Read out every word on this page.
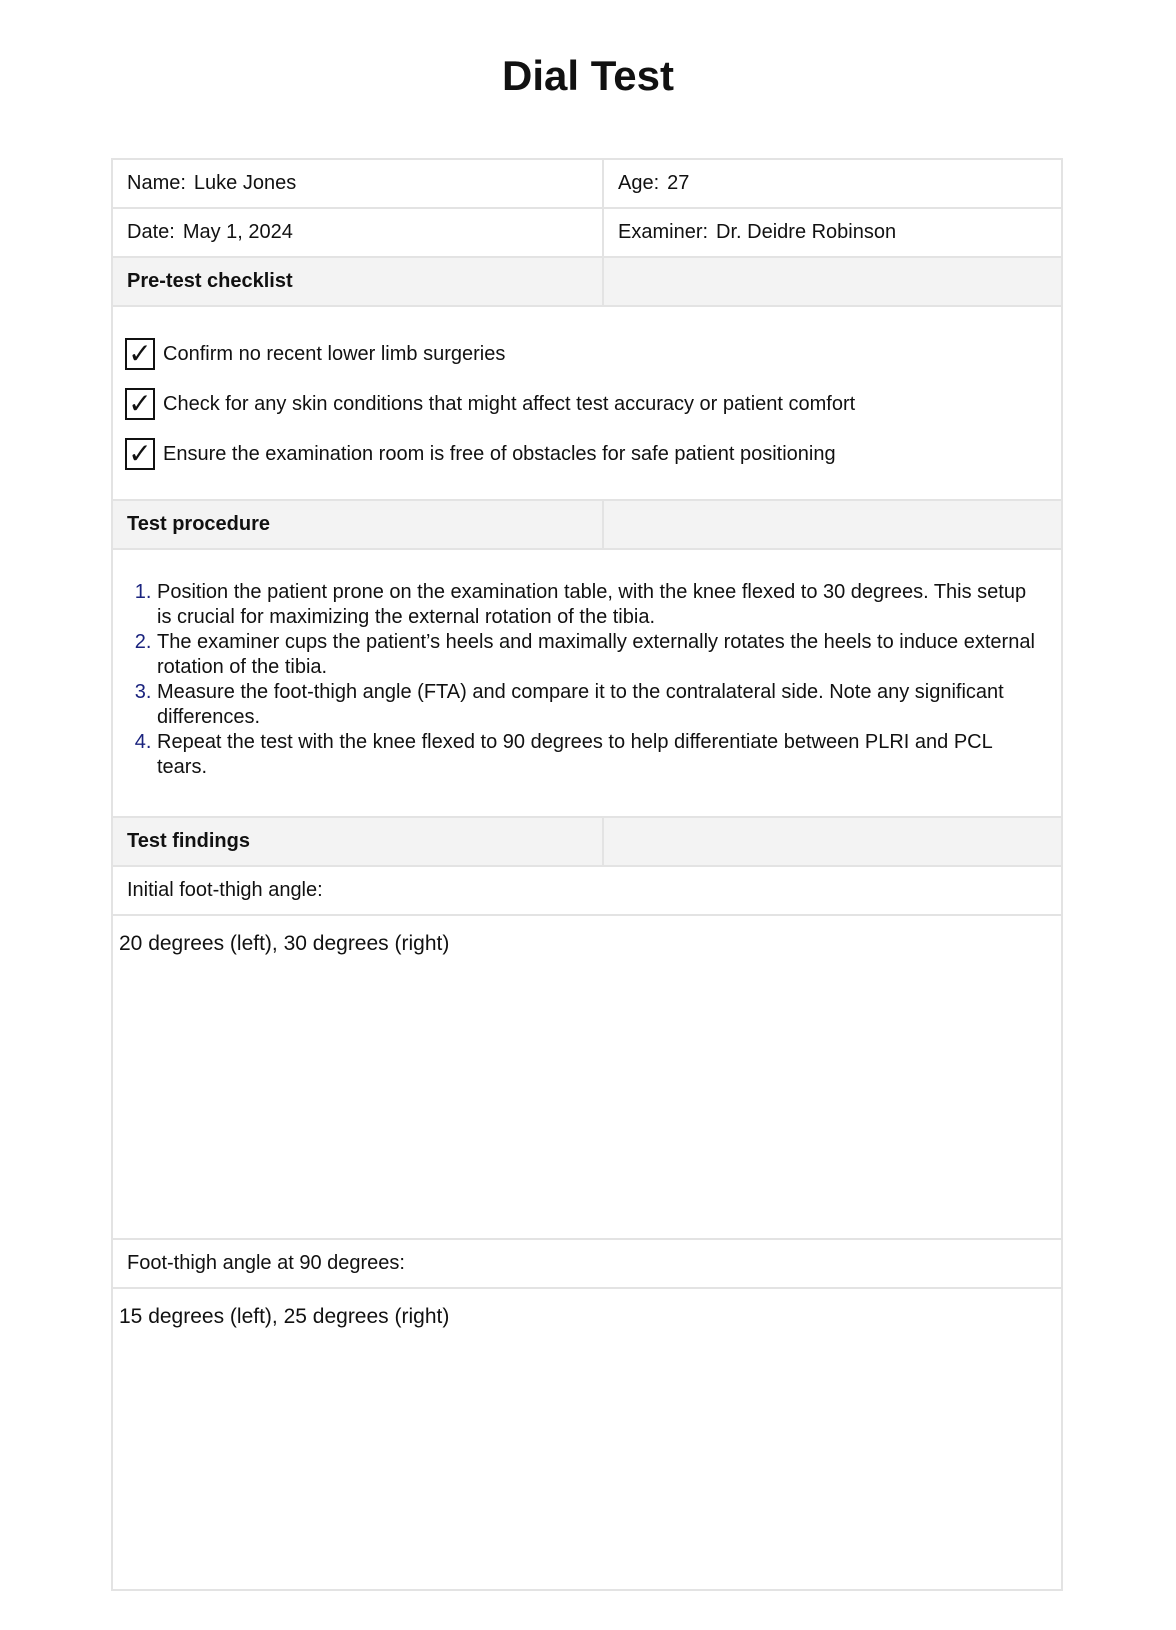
Dial Test
Name: Luke Jones	Age: 27
Date: May 1, 2024	Examiner: Dr. Deidre Robinson
Pre-test checklist
✓ Confirm no recent lower limb surgeries
✓ Check for any skin conditions that might affect test accuracy or patient comfort
✓ Ensure the examination room is free of obstacles for safe patient positioning
Test procedure
1. Position the patient prone on the examination table, with the knee flexed to 30 degrees. This setup is crucial for maximizing the external rotation of the tibia.
2. The examiner cups the patient’s heels and maximally externally rotates the heels to induce external rotation of the tibia.
3. Measure the foot-thigh angle (FTA) and compare it to the contralateral side. Note any significant differences.
4. Repeat the test with the knee flexed to 90 degrees to help differentiate between PLRI and PCL tears.
Test findings
Initial foot-thigh angle:
20 degrees (left), 30 degrees (right)
Foot-thigh angle at 90 degrees:
15 degrees (left), 25 degrees (right)
